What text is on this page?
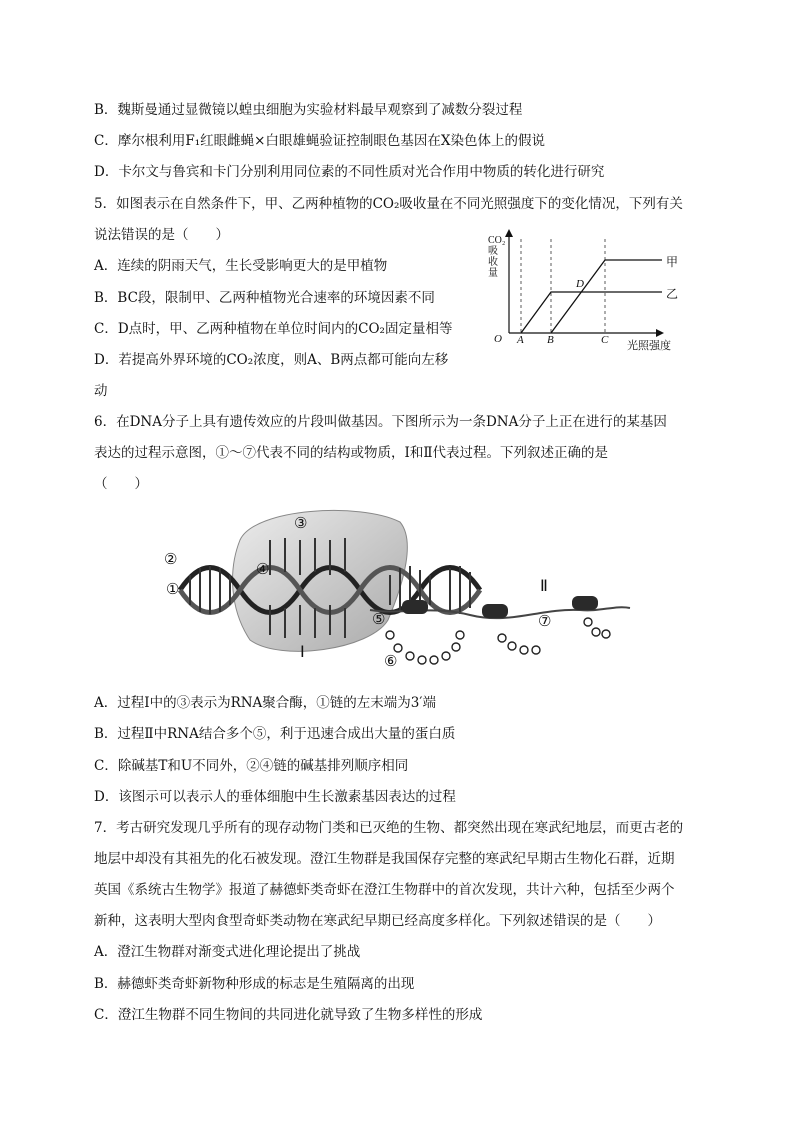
B．魏斯曼通过显微镜以蝗虫细胞为实验材料最早观察到了减数分裂过程
C．摩尔根利用F₁红眼雌蝇×白眼雄蝇验证控制眼色基因在X染色体上的假说
D．卡尔文与鲁宾和卡门分别利用同位素的不同性质对光合作用中物质的转化进行研究
5．如图表示在自然条件下，甲、乙两种植物的CO₂吸收量在不同光照强度下的变化情况，下列有关
说法错误的是（　　）
A．连续的阴雨天气，生长受影响更大的是甲植物
B．BC段，限制甲、乙两种植物光合速率的环境因素不同
C．D点时，甲、乙两种植物在单位时间内的CO₂固定量相等
D．若提高外界环境的CO₂浓度，则A、B两点都可能向左移
动
CO₂吸收量
O A B	C
D
甲
乙
光照强度
6．在DNA分子上具有遗传效应的片段叫做基因。下图所示为一条DNA分子上正在进行的某基因
表达的过程示意图，①～⑦代表不同的结构或物质，Ⅰ和Ⅱ代表过程。下列叙述正确的是
（　　）
②
①
③
④
⑤
⑥
⑦
Ⅰ
Ⅱ
A．过程Ⅰ中的③表示为RNA聚合酶，①链的左末端为3′端
B．过程Ⅱ中RNA结合多个⑤，利于迅速合成出大量的蛋白质
C．除碱基T和U不同外，②④链的碱基排列顺序相同
D．该图示可以表示人的垂体细胞中生长激素基因表达的过程
7．考古研究发现几乎所有的现存动物门类和已灭绝的生物、都突然出现在寒武纪地层，而更古老的
地层中却没有其祖先的化石被发现。澄江生物群是我国保存完整的寒武纪早期古生物化石群，近期
英国《系统古生物学》报道了赫德虾类奇虾在澄江生物群中的首次发现，共计六种，包括至少两个
新种，这表明大型肉食型奇虾类动物在寒武纪早期已经高度多样化。下列叙述错误的是（　　）
A．澄江生物群对渐变式进化理论提出了挑战
B．赫德虾类奇虾新物种形成的标志是生殖隔离的出现
C．澄江生物群不同生物间的共同进化就导致了生物多样性的形成
